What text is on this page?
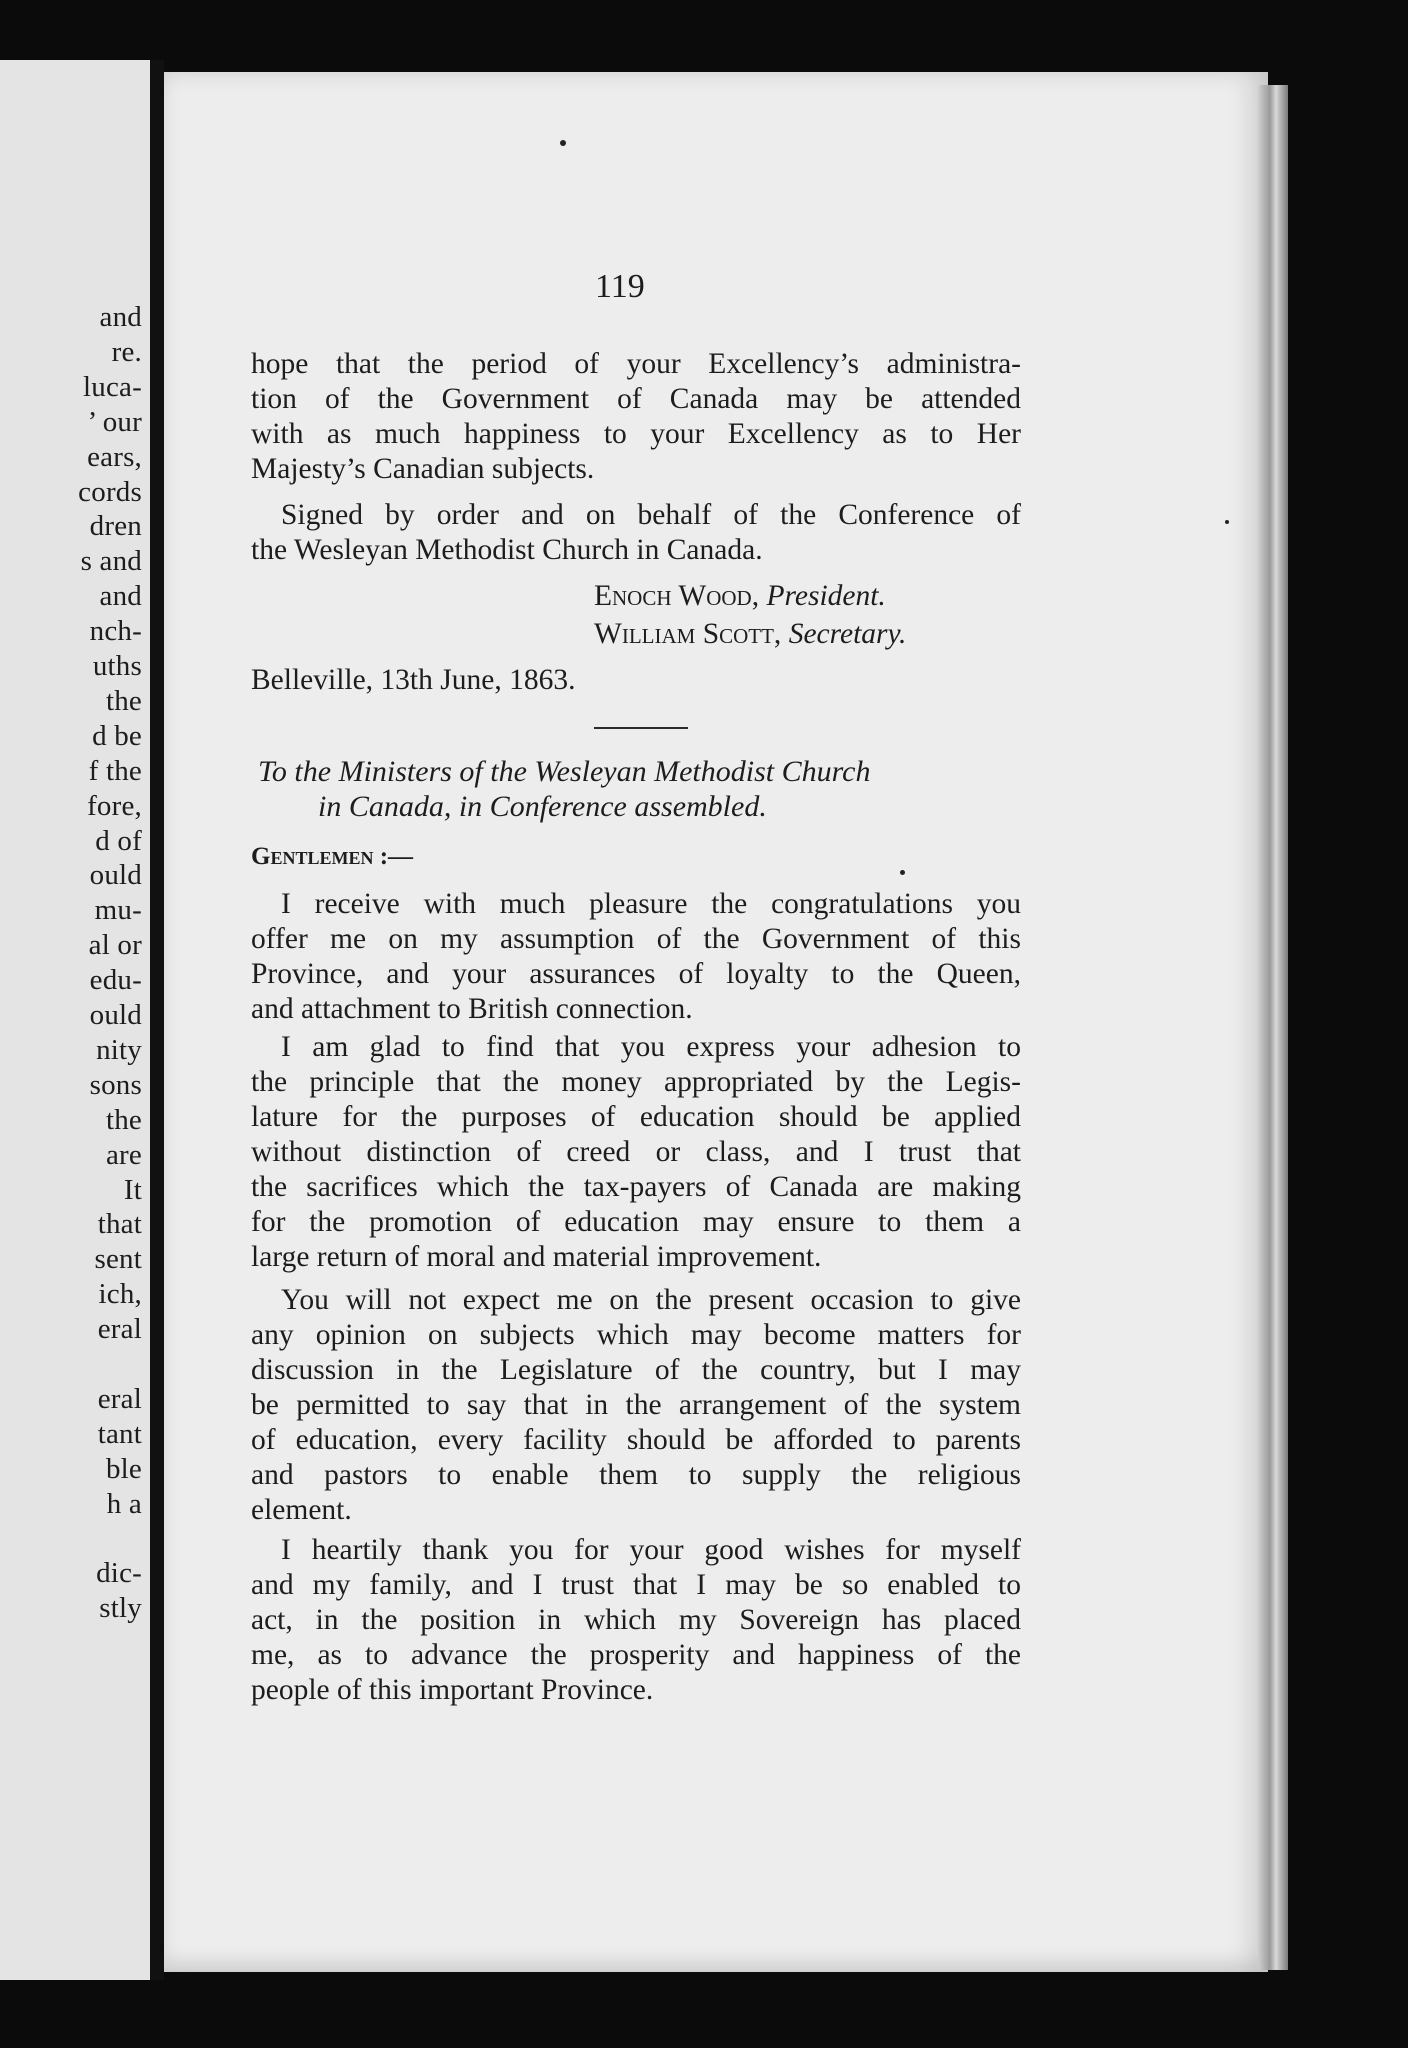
and
re.
luca-
’ our
ears,
cords
dren
s and
and
nch-
uths
the
d be
f the
fore,
d of
ould
mu-
al or
edu-
ould
nity
sons
the
are
It
that
sent
ich,
eral
eral
tant
ble
h a
dic-
stly
119
hope that the period of your Excellency’s administra-
tion of the Government of Canada may be attended
with as much happiness to your Excellency as to Her
Majesty’s Canadian subjects.
Signed by order and on behalf of the Conference of
the Wesleyan Methodist Church in Canada.
Enoch Wood, President.
William Scott, Secretary.
Belleville, 13th June, 1863.
To the Ministers of the Wesleyan Methodist Church
in Canada, in Conference assembled.
Gentlemen :—
I receive with much pleasure the congratulations you
offer me on my assumption of the Government of this
Province, and your assurances of loyalty to the Queen,
and attachment to British connection.
I am glad to find that you express your adhesion to
the principle that the money appropriated by the Legis-
lature for the purposes of education should be applied
without distinction of creed or class, and I trust that
the sacrifices which the tax-payers of Canada are making
for the promotion of education may ensure to them a
large return of moral and material improvement.
You will not expect me on the present occasion to give
any opinion on subjects which may become matters for
discussion in the Legislature of the country, but I may
be permitted to say that in the arrangement of the system
of education, every facility should be afforded to parents
and pastors to enable them to supply the religious
element.
I heartily thank you for your good wishes for myself
and my family, and I trust that I may be so enabled to
act, in the position in which my Sovereign has placed
me, as to advance the prosperity and happiness of the
people of this important Province.
